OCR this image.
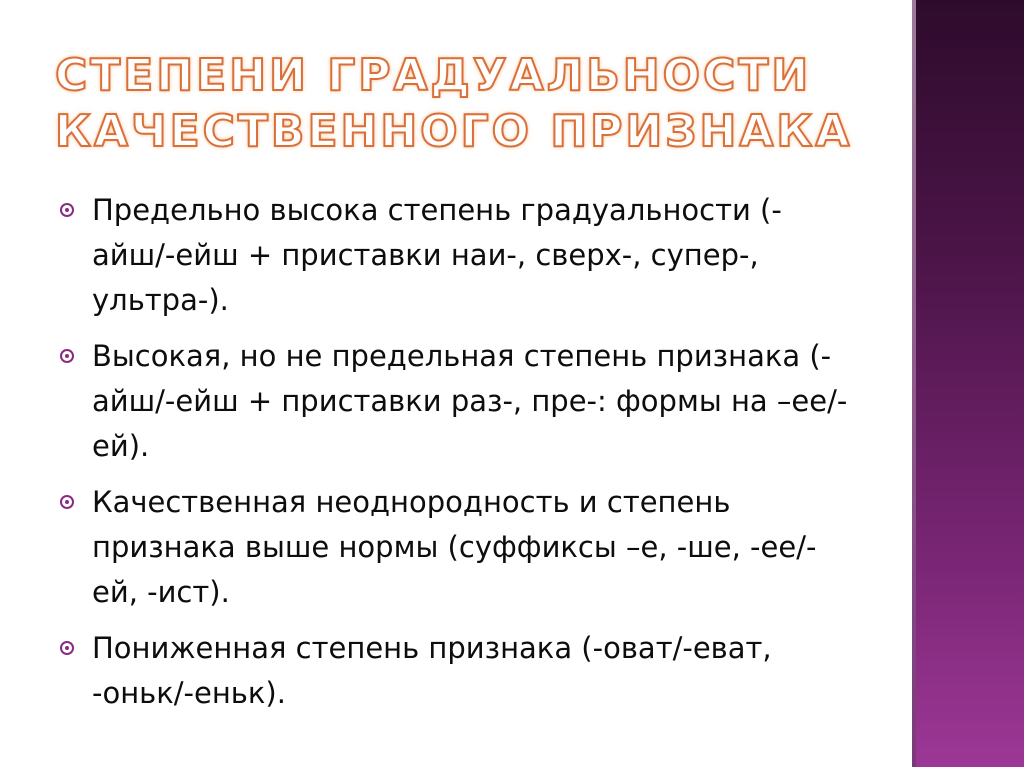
СТЕПЕНИ ГРАДУАЛЬНОСТИ КАЧЕСТВЕННОГО ПРИЗНАКА
Предельно высока степень градуальности (-айш/-ейш + приставки наи-, сверх-, супер-, ультра-).
Высокая, но не предельная степень признака (-айш/-ейш + приставки раз-, пре-: формы на –ее/-ей).
Качественная неоднородность и степень признака выше нормы (суффиксы –е, -ше, -ее/-ей, -ист).
Пониженная степень признака (-оват/-еват, -оньк/-еньк).
